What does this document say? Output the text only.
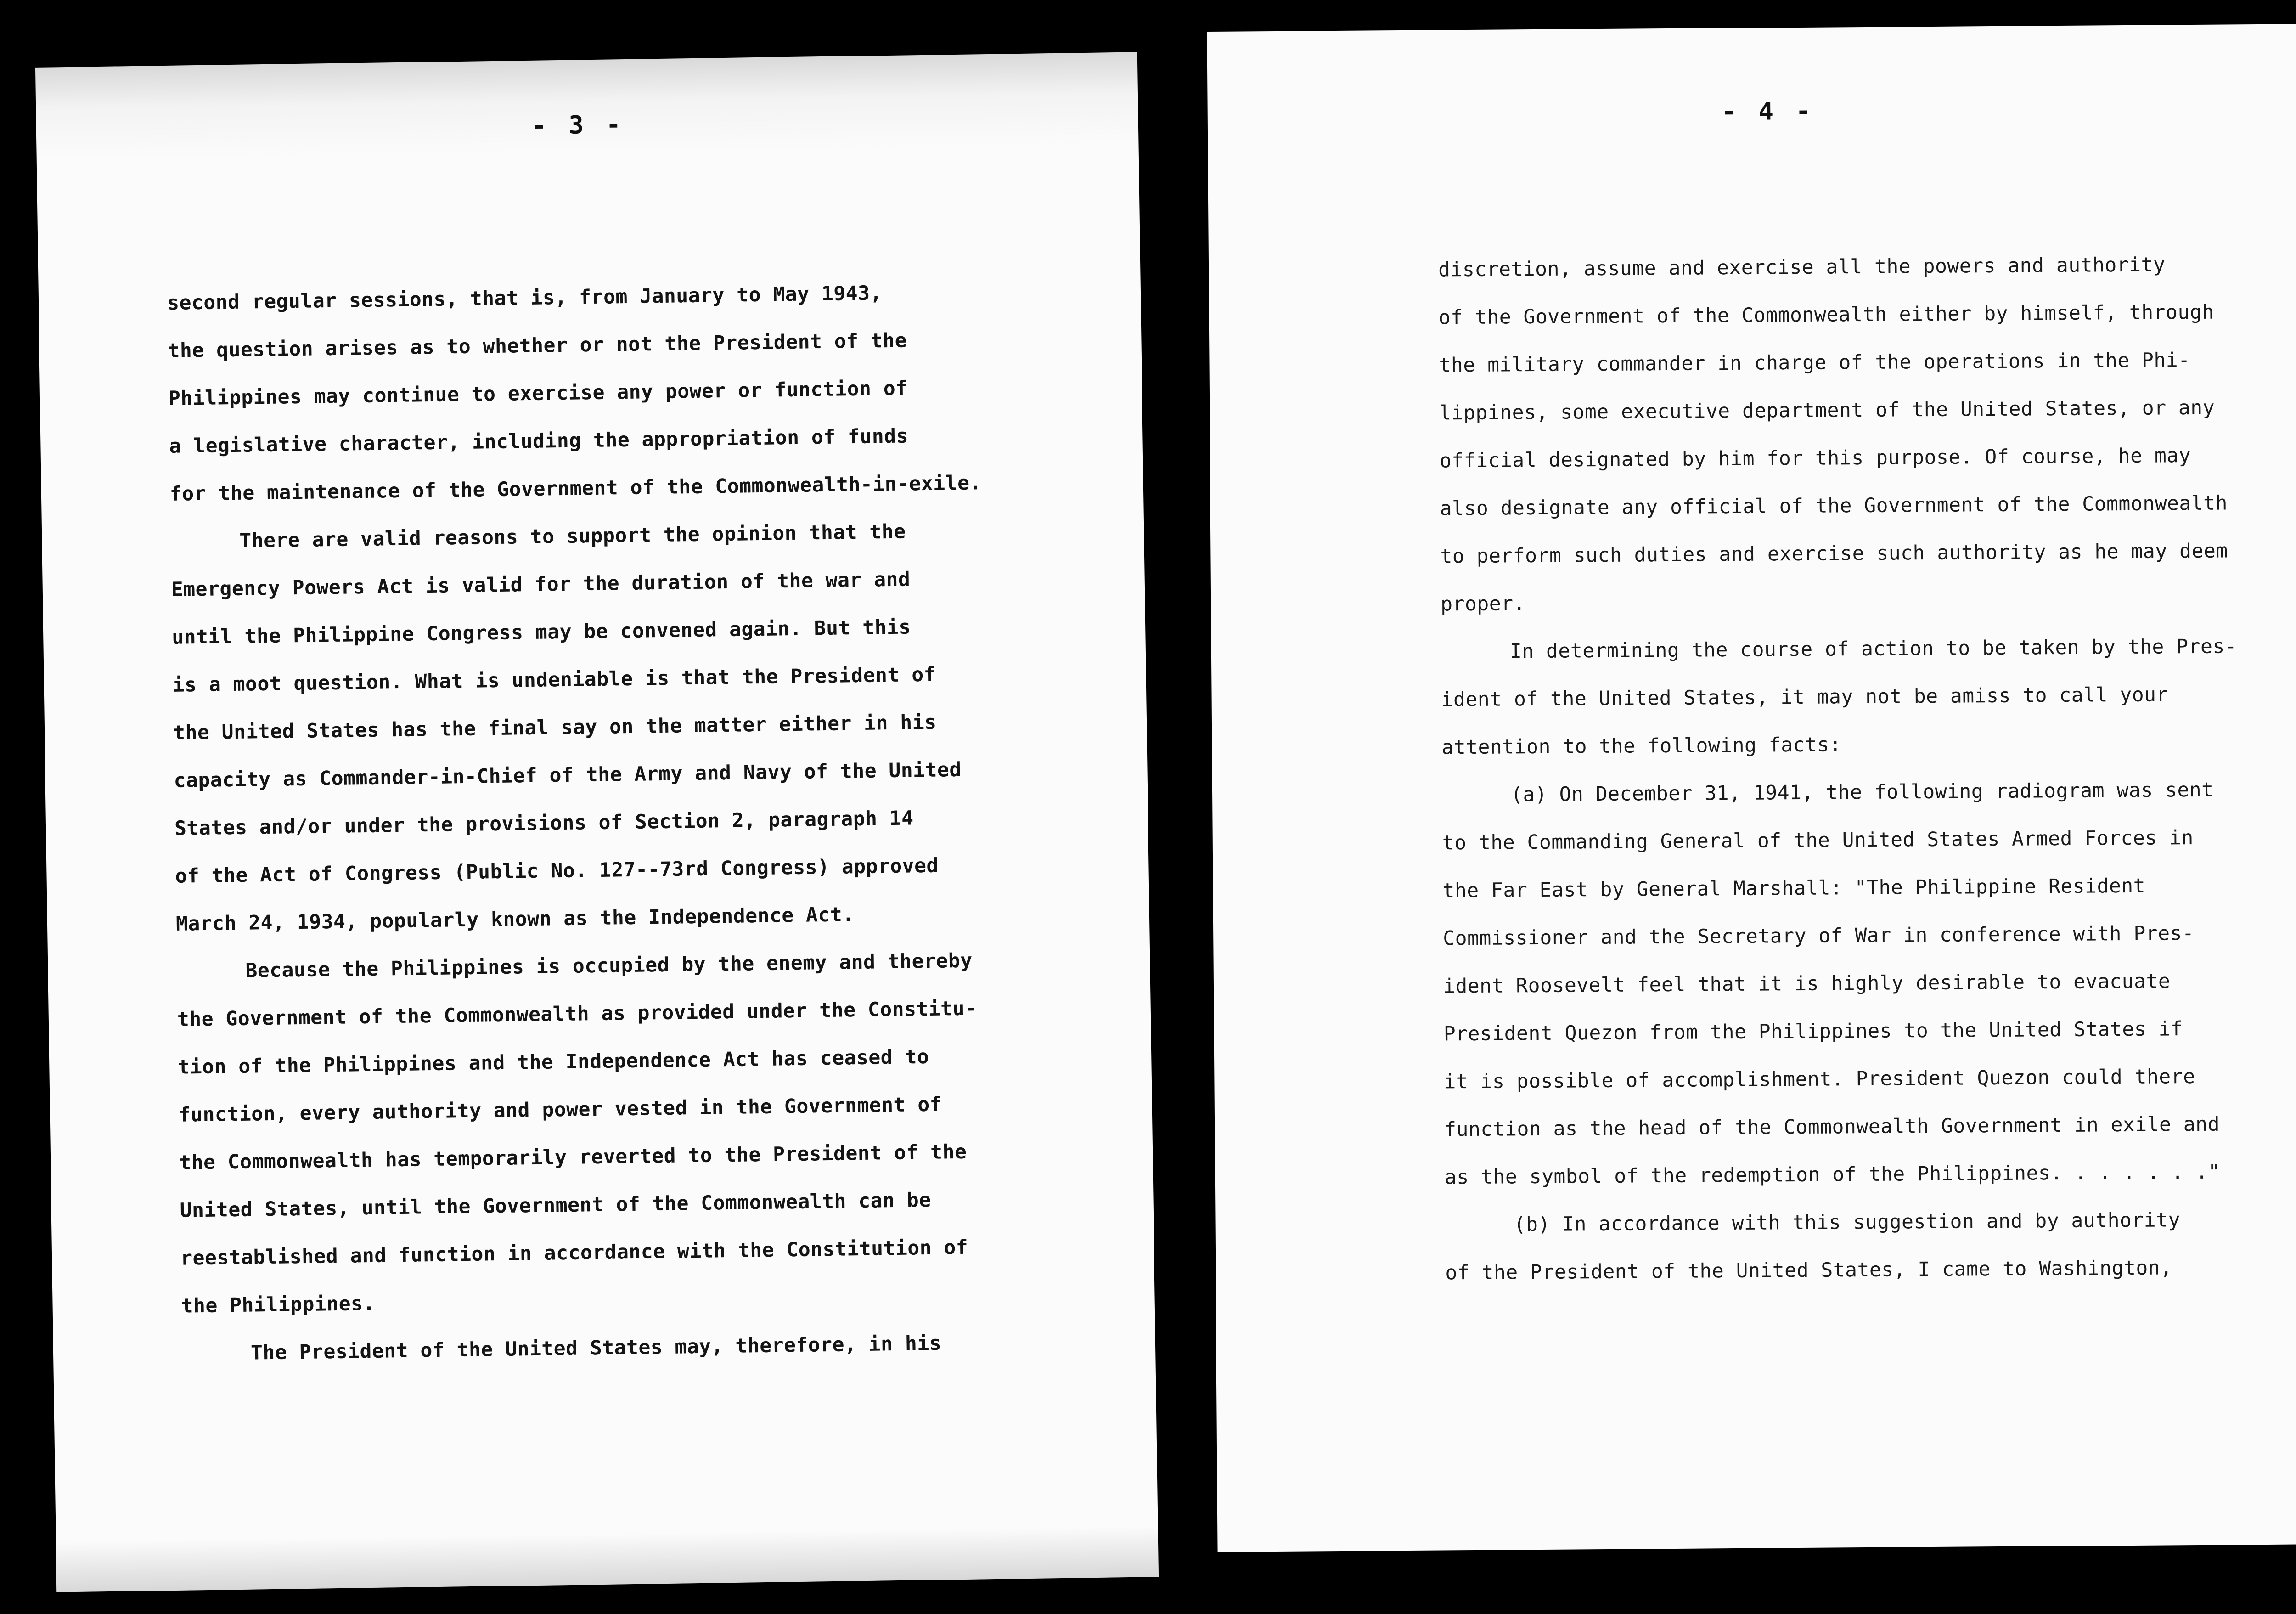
- 3 -
second regular sessions, that is, from January to May 1943,
the question arises as to whether or not the President of the
Philippines may continue to exercise any power or function of
a legislative character, including the appropriation of funds
for the maintenance of the Government of the Commonwealth-in-exile.
There are valid reasons to support the opinion that the
Emergency Powers Act is valid for the duration of the war and
until the Philippine Congress may be convened again. But this
is a moot question. What is undeniable is that the President of
the United States has the final say on the matter either in his
capacity as Commander-in-Chief of the Army and Navy of the United
States and/or under the provisions of Section 2, paragraph 14
of the Act of Congress (Public No. 127--73rd Congress) approved
March 24, 1934, popularly known as the Independence Act.
Because the Philippines is occupied by the enemy and thereby
the Government of the Commonwealth as provided under the Constitu-
tion of the Philippines and the Independence Act has ceased to
function, every authority and power vested in the Government of
the Commonwealth has temporarily reverted to the President of the
United States, until the Government of the Commonwealth can be
reestablished and function in accordance with the Constitution of
the Philippines.
The President of the United States may, therefore, in his
- 4 -
discretion, assume and exercise all the powers and authority
of the Government of the Commonwealth either by himself, through
the military commander in charge of the operations in the Phi-
lippines, some executive department of the United States, or any
official designated by him for this purpose. Of course, he may
also designate any official of the Government of the Commonwealth
to perform such duties and exercise such authority as he may deem
proper.
In determining the course of action to be taken by the Pres-
ident of the United States, it may not be amiss to call your
attention to the following facts:
(a) On December 31, 1941, the following radiogram was sent
to the Commanding General of the United States Armed Forces in
the Far East by General Marshall: "The Philippine Resident
Commissioner and the Secretary of War in conference with Pres-
ident Roosevelt feel that it is highly desirable to evacuate
President Quezon from the Philippines to the United States if
it is possible of accomplishment. President Quezon could there
function as the head of the Commonwealth Government in exile and
as the symbol of the redemption of the Philippines. . . . . . ."
(b) In accordance with this suggestion and by authority
of the President of the United States, I came to Washington,
